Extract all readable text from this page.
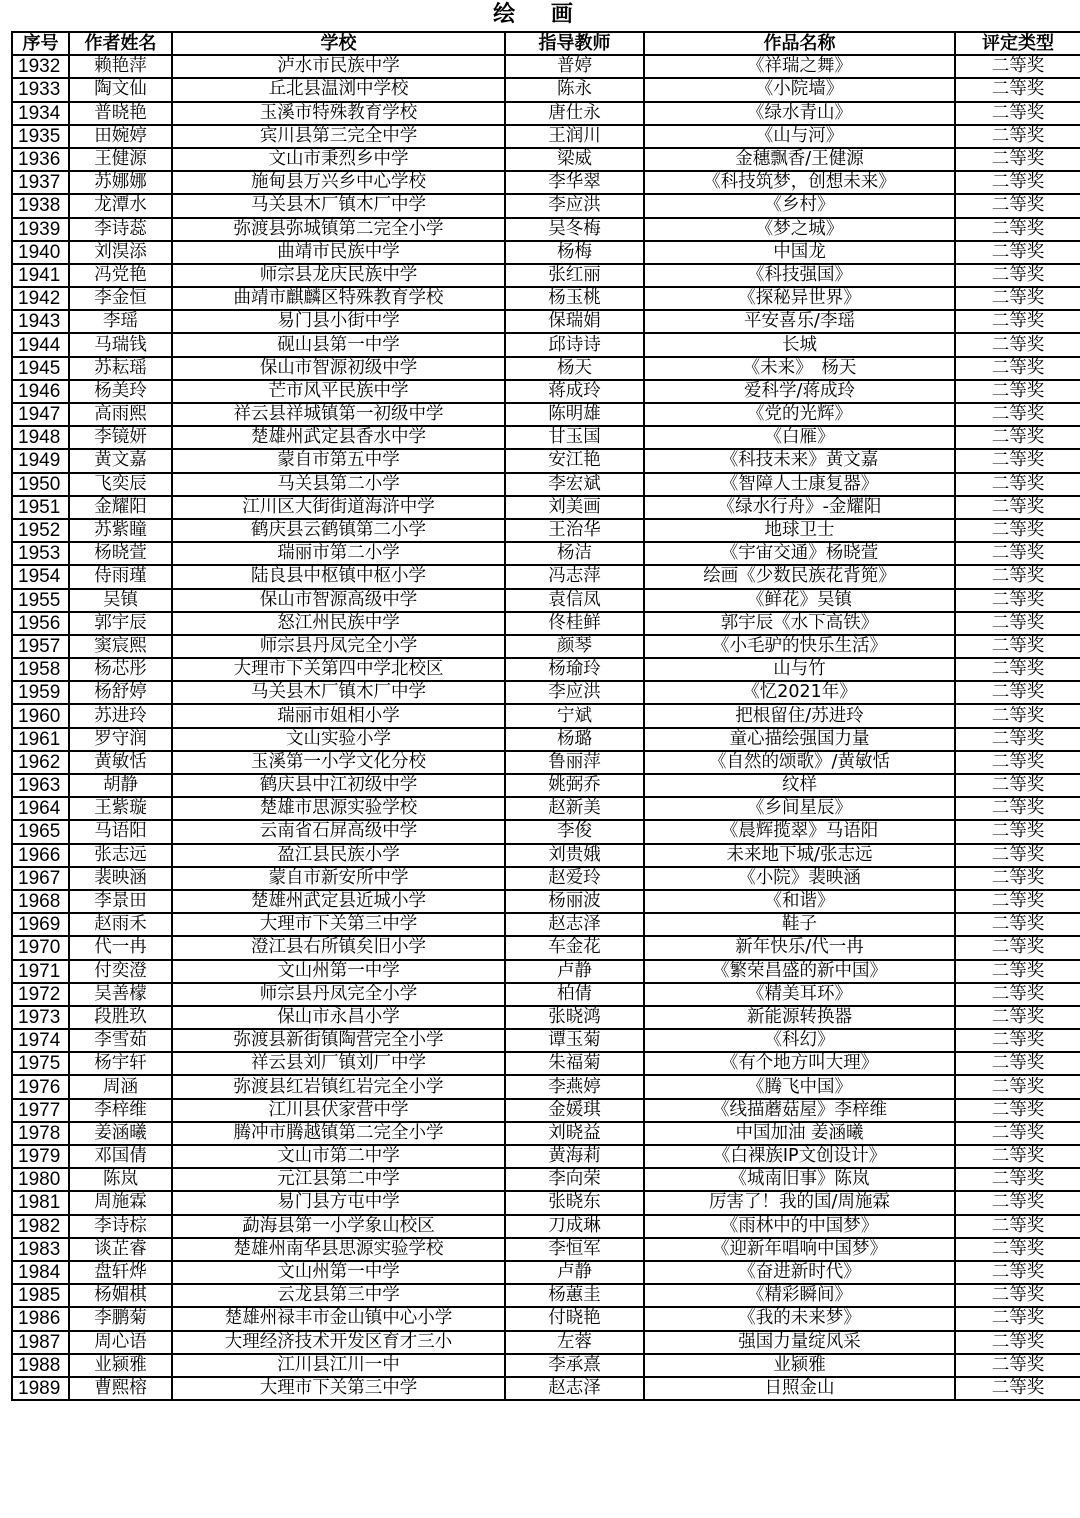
绘 画
序号	作者姓名	学校	指导教师	作品名称	评定类型
1932	赖艳萍	泸水市民族中学	普婷	《祥瑞之舞》	二等奖
1933	陶文仙	丘北县温浏中学校	陈永	《小院墙》	二等奖
1934	普晓艳	玉溪市特殊教育学校	唐仕永	《绿水青山》	二等奖
1935	田婉婷	宾川县第三完全中学	王润川	《山与河》	二等奖
1936	王健源	文山市秉烈乡中学	梁威	金穗飘香/王健源	二等奖
1937	苏娜娜	施甸县万兴乡中心学校	李华翠	《科技筑梦，创想未来》	二等奖
1938	龙潭水	马关县木厂镇木厂中学	李应洪	《乡村》	二等奖
1939	李诗蕊	弥渡县弥城镇第二完全小学	吴冬梅	《梦之城》	二等奖
1940	刘淏添	曲靖市民族中学	杨梅	中国龙	二等奖
1941	冯党艳	师宗县龙庆民族中学	张红丽	《科技强国》	二等奖
1942	李金恒	曲靖市麒麟区特殊教育学校	杨玉桃	《探秘异世界》	二等奖
1943	李瑶	易门县小街中学	保瑞娟	平安喜乐/李瑶	二等奖
1944	马瑞钱	砚山县第一中学	邱诗诗	长城	二等奖
1945	苏耘瑶	保山市智源初级中学	杨天	《未来》　杨天	二等奖
1946	杨美玲	芒市风平民族中学	蒋成玲	爱科学/蒋成玲	二等奖
1947	高雨熙	祥云县祥城镇第一初级中学	陈明雄	《党的光辉》	二等奖
1948	李镜妍	楚雄州武定县香水中学	甘玉国	《白雁》	二等奖
1949	黄文嘉	蒙自市第五中学	安江艳	《科技未来》黄文嘉	二等奖
1950	飞奕辰	马关县第二小学	李宏斌	《智障人士康复器》	二等奖
1951	金耀阳	江川区大街街道海浒中学	刘美画	《绿水行舟》-金耀阳	二等奖
1952	苏紫瞳	鹤庆县云鹤镇第二小学	王治华	地球卫士	二等奖
1953	杨晓萱	瑞丽市第二小学	杨洁	《宇宙交通》杨晓萱	二等奖
1954	侍雨瑾	陆良县中枢镇中枢小学	冯志萍	绘画《少数民族花背篼》	二等奖
1955	吴镇	保山市智源高级中学	袁信凤	《鲜花》吴镇	二等奖
1956	郭宇辰	怒江州民族中学	佟桂鲜	郭宇辰《水下高铁》	二等奖
1957	窦宸熙	师宗县丹凤完全小学	颜琴	《小毛驴的快乐生活》	二等奖
1958	杨芯彤	大理市下关第四中学北校区	杨瑜玲	山与竹	二等奖
1959	杨舒婷	马关县木厂镇木厂中学	李应洪	《忆2021年》	二等奖
1960	苏进玲	瑞丽市姐相小学	宁斌	把根留住/苏进玲	二等奖
1961	罗守润	文山实验小学	杨璐	童心描绘强国力量	二等奖
1962	黄敏恬	玉溪第一小学文化分校	鲁丽萍	《自然的颂歌》/黄敏恬	二等奖
1963	胡静	鹤庆县中江初级中学	姚弼乔	纹样	二等奖
1964	王紫璇	楚雄市思源实验学校	赵新美	《乡间星辰》	二等奖
1965	马语阳	云南省石屏高级中学	李俊	《晨辉揽翠》马语阳	二等奖
1966	张志远	盈江县民族小学	刘贵娥	未来地下城/张志远	二等奖
1967	裴映涵	蒙自市新安所中学	赵爱玲	《小院》裴映涵	二等奖
1968	李景田	楚雄州武定县近城小学	杨丽波	《和谐》	二等奖
1969	赵雨禾	大理市下关第三中学	赵志泽	鞋子	二等奖
1970	代一冉	澄江县右所镇矣旧小学	车金花	新年快乐/代一冉	二等奖
1971	付奕澄	文山州第一中学	卢静	《繁荣昌盛的新中国》	二等奖
1972	吴善檬	师宗县丹凤完全小学	柏倩	《精美耳环》	二等奖
1973	段胜玖	保山市永昌小学	张晓鸿	新能源转换器	二等奖
1974	李雪茹	弥渡县新街镇陶营完全小学	谭玉菊	《科幻》	二等奖
1975	杨宇轩	祥云县刘厂镇刘厂中学	朱福菊	《有个地方叫大理》	二等奖
1976	周涵	弥渡县红岩镇红岩完全小学	李燕婷	《腾飞中国》	二等奖
1977	李梓维	江川县伏家营中学	金媛琪	《线描蘑菇屋》李梓维	二等奖
1978	姜涵曦	腾冲市腾越镇第二完全小学	刘晓益	中国加油 姜涵曦	二等奖
1979	邓国倩	文山市第二中学	黄海莉	《白裸族IP文创设计》	二等奖
1980	陈岚	元江县第二中学	李向荣	《城南旧事》陈岚	二等奖
1981	周施霖	易门县方屯中学	张晓东	厉害了！我的国/周施霖	二等奖
1982	李诗棕	勐海县第一小学象山校区	刀成琳	《雨林中的中国梦》	二等奖
1983	谈芷睿	楚雄州南华县思源实验学校	李恒军	《迎新年唱响中国梦》	二等奖
1984	盘轩烨	文山州第一中学	卢静	《奋进新时代》	二等奖
1985	杨媚棋	云龙县第三中学	杨蕙圭	《精彩瞬间》	二等奖
1986	李鹏菊	楚雄州禄丰市金山镇中心小学	付晓艳	《我的未来梦》	二等奖
1987	周心语	大理经济技术开发区育才三小	左蓉	强国力量绽风采	二等奖
1988	业颍雅	江川县江川一中	李承熹	业颍雅	二等奖
1989	曹熙榕	大理市下关第三中学	赵志泽	日照金山	二等奖
